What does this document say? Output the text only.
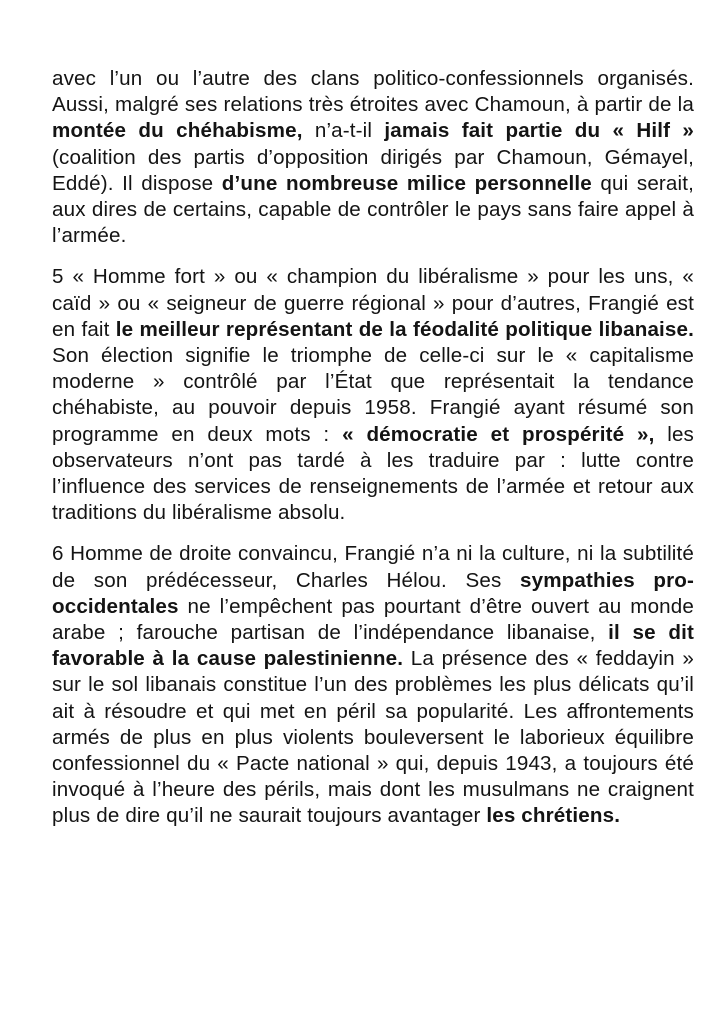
avec l’un ou l’autre des clans politico-confessionnels organisés. Aussi, malgré ses relations très étroites avec Chamoun, à partir de la montée du chéhabisme, n’a-t-il jamais fait partie du « Hilf » (coalition des partis d’opposition dirigés par Chamoun, Gémayel, Eddé). Il dispose d’une nombreuse milice personnelle qui serait, aux dires de certains, capable de contrôler le pays sans faire appel à l’armée.

5 « Homme fort » ou « champion du libéralisme » pour les uns, « caïd » ou « seigneur de guerre régional » pour d’autres, Frangié est en fait le meilleur représentant de la féodalité politique libanaise. Son élection signifie le triomphe de celle-ci sur le « capitalisme moderne » contrôlé par l’État que représentait la tendance chéhabiste, au pouvoir depuis 1958. Frangié ayant résumé son programme en deux mots : « démocratie et prospérité », les observateurs n’ont pas tardé à les traduire par : lutte contre l’influence des services de renseignements de l’armée et retour aux traditions du libéralisme absolu.

6 Homme de droite convaincu, Frangié n’a ni la culture, ni la subtilité de son prédécesseur, Charles Hélou. Ses sympathies pro-occidentales ne l’empêchent pas pourtant d’être ouvert au monde arabe ; farouche partisan de l’indépendance libanaise, il se dit favorable à la cause palestinienne. La présence des « feddayin » sur le sol libanais constitue l’un des problèmes les plus délicats qu’il ait à résoudre et qui met en péril sa popularité. Les affrontements armés de plus en plus violents bouleversent le laborieux équilibre confessionnel du « Pacte national » qui, depuis 1943, a toujours été invoqué à l’heure des périls, mais dont les musulmans ne craignent plus de dire qu’il ne saurait toujours avantager les chrétiens.
